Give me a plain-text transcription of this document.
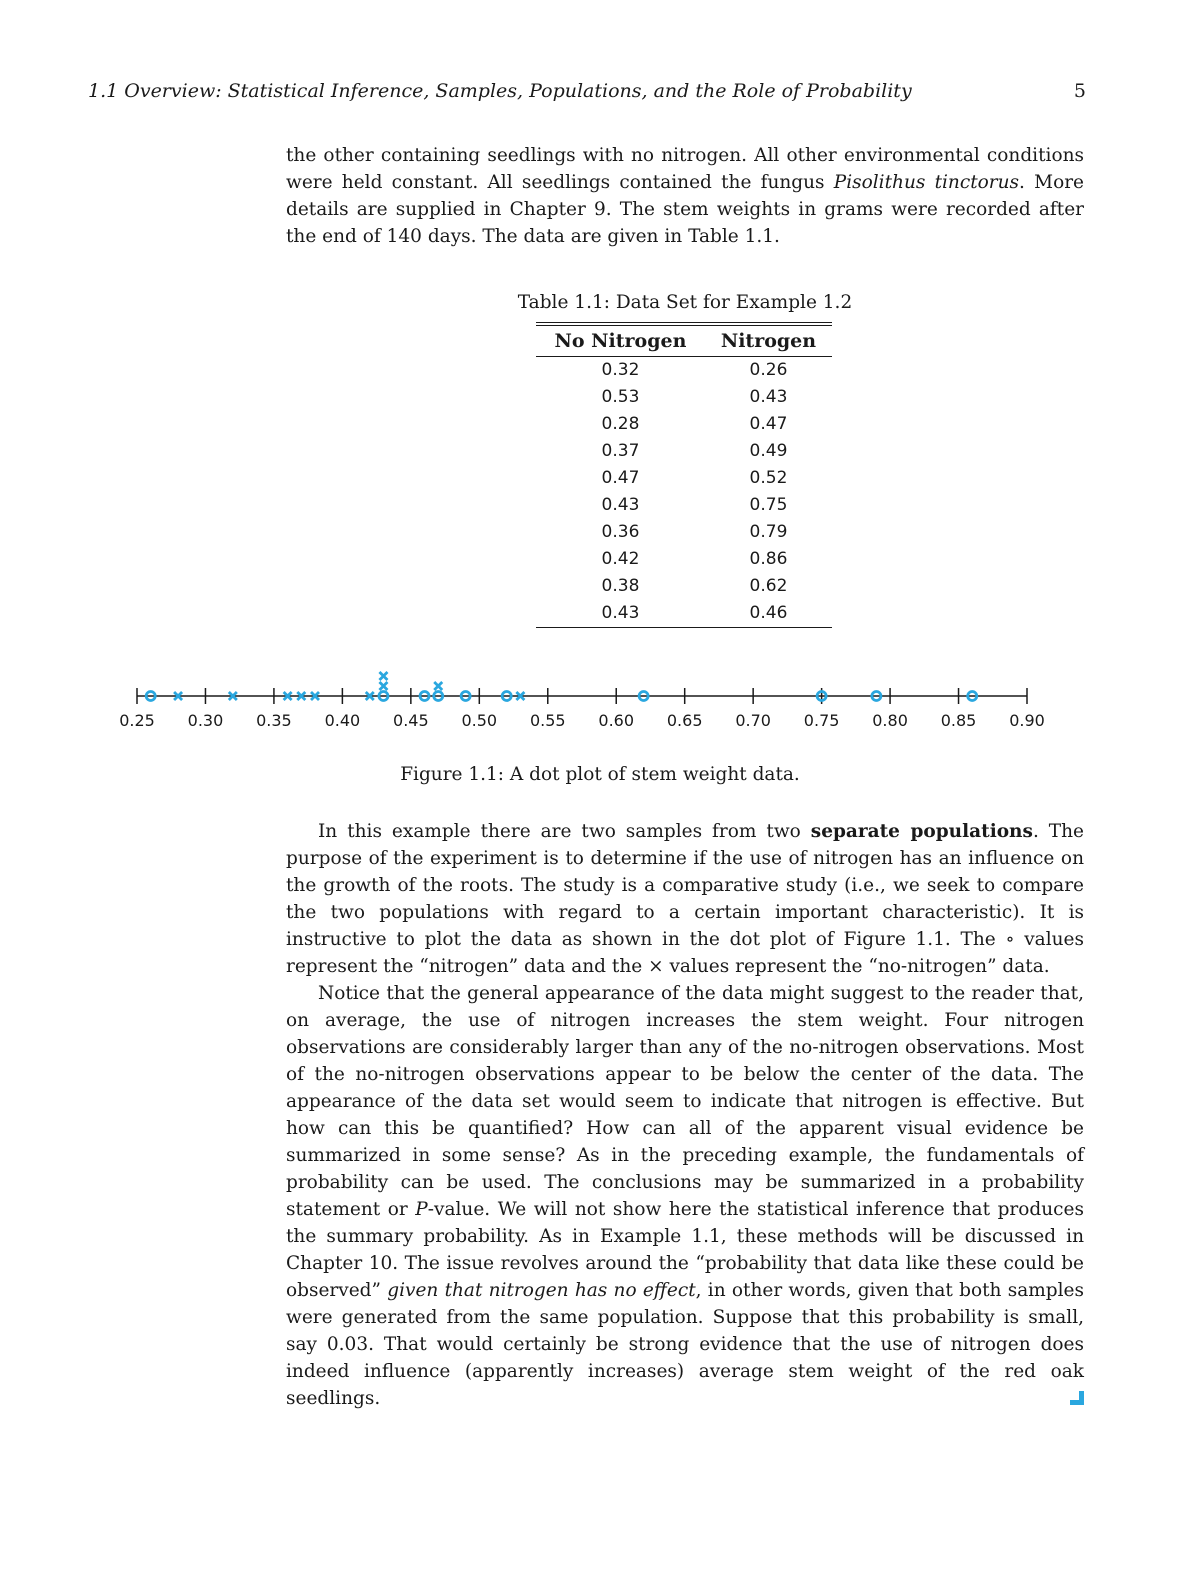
1.1 Overview: Statistical Inference, Samples, Populations, and the Role of Probability	5

the other containing seedlings with no nitrogen. All other environmental conditions were held constant. All seedlings contained the fungus Pisolithus tinctorus. More details are supplied in Chapter 9. The stem weights in grams were recorded after the end of 140 days. The data are given in Table 1.1.

Table 1.1: Data Set for Example 1.2
No Nitrogen	Nitrogen
0.32	0.26
0.53	0.43
0.28	0.47
0.37	0.49
0.47	0.52
0.43	0.75
0.36	0.79
0.42	0.86
0.38	0.62
0.43	0.46
0.25 0.30 0.35 0.40 0.45 0.50 0.55 0.60 0.65 0.70 0.75 0.80 0.85 0.90
Figure 1.1: A dot plot of stem weight data.

In this example there are two samples from two separate populations. The purpose of the experiment is to determine if the use of nitrogen has an influence on the growth of the roots. The study is a comparative study (i.e., we seek to compare the two populations with regard to a certain important characteristic). It is instructive to plot the data as shown in the dot plot of Figure 1.1. The ∘ values represent the “nitrogen” data and the × values represent the “no-nitrogen” data.

Notice that the general appearance of the data might suggest to the reader that, on average, the use of nitrogen increases the stem weight. Four nitrogen observations are considerably larger than any of the no-nitrogen observations. Most of the no-nitrogen observations appear to be below the center of the data. The appearance of the data set would seem to indicate that nitrogen is effective. But how can this be quantified? How can all of the apparent visual evidence be summarized in some sense? As in the preceding example, the fundamentals of probability can be used. The conclusions may be summarized in a probability statement or P-value. We will not show here the statistical inference that produces the summary probability. As in Example 1.1, these methods will be discussed in Chapter 10. The issue revolves around the “probability that data like these could be observed” given that nitrogen has no effect, in other words, given that both samples were generated from the same population. Suppose that this probability is small, say 0.03. That would certainly be strong evidence that the use of nitrogen does indeed influence (apparently increases) average stem weight of the red oak seedlings.
